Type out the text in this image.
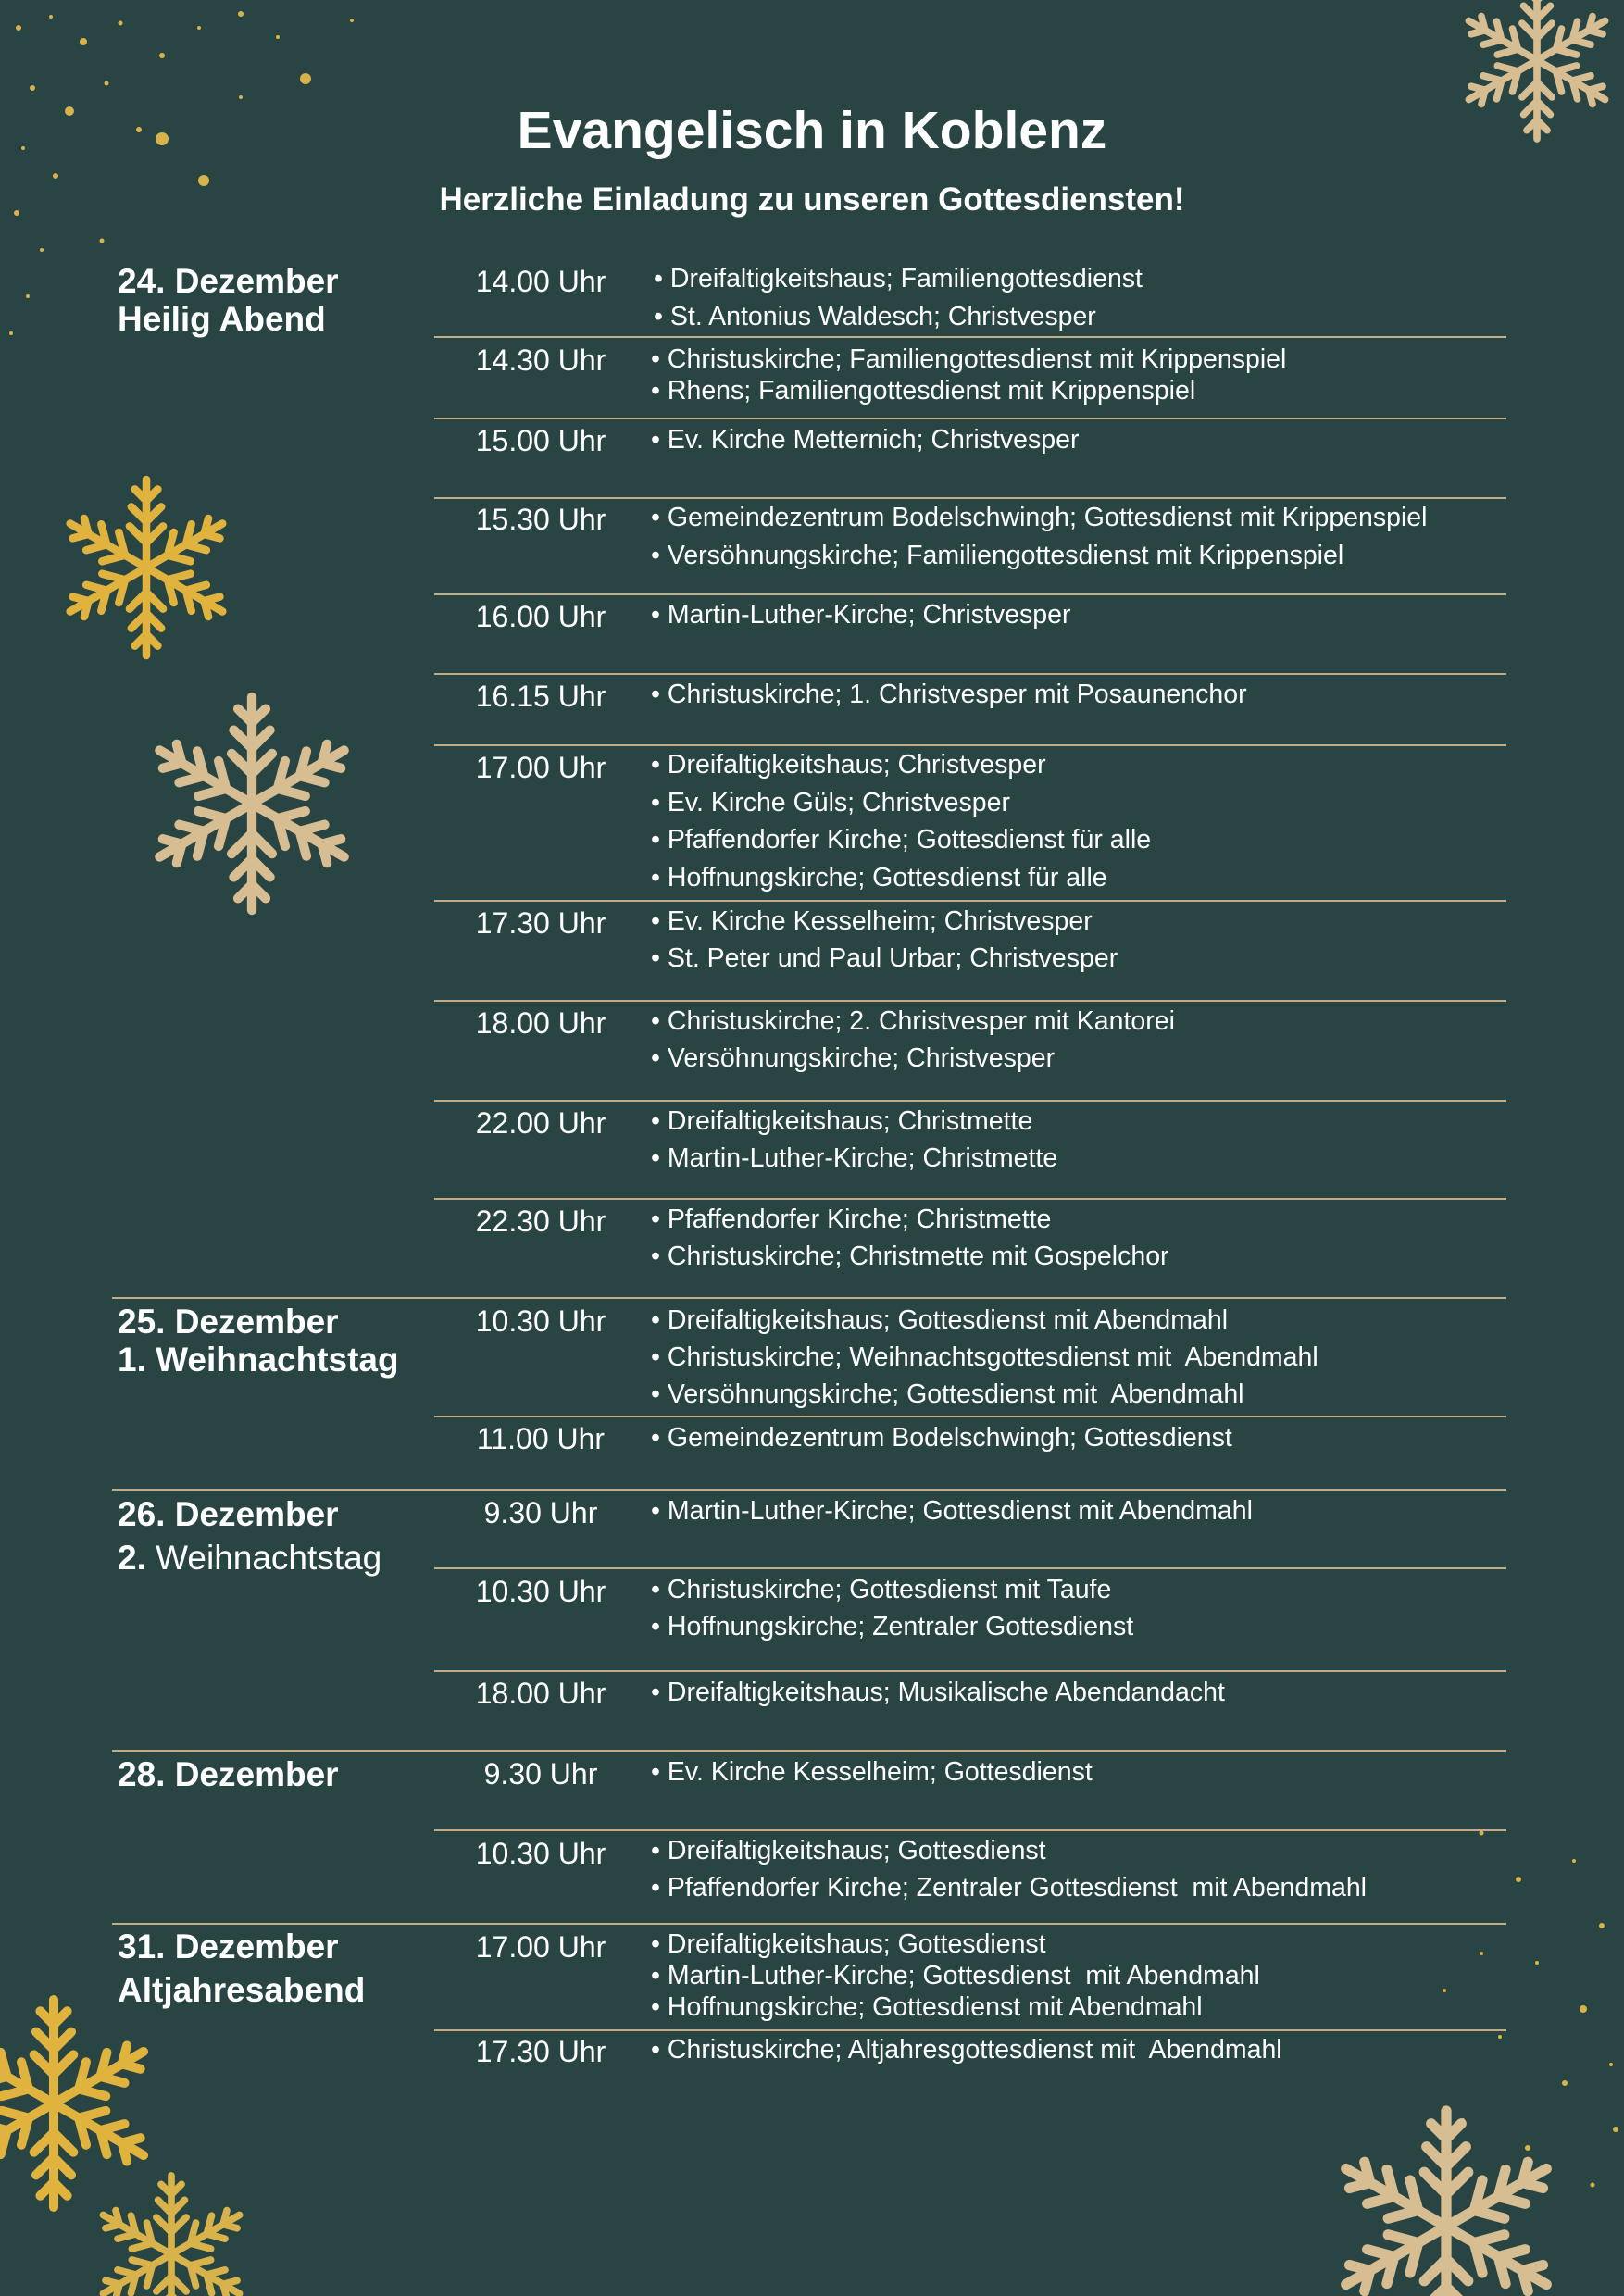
Evangelisch in Koblenz
Herzliche Einladung zu unseren Gottesdiensten!
24. Dezember
Heilig Abend
14.00 Uhr	• Dreifaltigkeitshaus; Familiengottesdienst
• St. Antonius Waldesch; Christvesper
14.30 Uhr	• Christuskirche; Familiengottesdienst mit Krippenspiel
• Rhens; Familiengottesdienst mit Krippenspiel
15.00 Uhr	• Ev. Kirche Metternich; Christvesper
15.30 Uhr	• Gemeindezentrum Bodelschwingh; Gottesdienst mit Krippenspiel
• Versöhnungskirche; Familiengottesdienst mit Krippenspiel
16.00 Uhr	• Martin-Luther-Kirche; Christvesper
16.15 Uhr	• Christuskirche; 1. Christvesper mit Posaunenchor
17.00 Uhr	• Dreifaltigkeitshaus; Christvesper
• Ev. Kirche Güls; Christvesper
• Pfaffendorfer Kirche; Gottesdienst für alle
• Hoffnungskirche; Gottesdienst für alle
17.30 Uhr	• Ev. Kirche Kesselheim; Christvesper
• St. Peter und Paul Urbar; Christvesper
18.00 Uhr	• Christuskirche; 2. Christvesper mit Kantorei
• Versöhnungskirche; Christvesper
22.00 Uhr	• Dreifaltigkeitshaus; Christmette
• Martin-Luther-Kirche; Christmette
22.30 Uhr	• Pfaffendorfer Kirche; Christmette
• Christuskirche; Christmette mit Gospelchor
25. Dezember
1. Weihnachtstag
10.30 Uhr	• Dreifaltigkeitshaus; Gottesdienst mit Abendmahl
• Christuskirche; Weihnachtsgottesdienst mit  Abendmahl
• Versöhnungskirche; Gottesdienst mit  Abendmahl
11.00 Uhr	• Gemeindezentrum Bodelschwingh; Gottesdienst
26. Dezember
2. Weihnachtstag
9.30 Uhr	• Martin-Luther-Kirche; Gottesdienst mit Abendmahl
10.30 Uhr	• Christuskirche; Gottesdienst mit Taufe
• Hoffnungskirche; Zentraler Gottesdienst
18.00 Uhr	• Dreifaltigkeitshaus; Musikalische Abendandacht
28. Dezember	9.30 Uhr	• Ev. Kirche Kesselheim; Gottesdienst
10.30 Uhr	• Dreifaltigkeitshaus; Gottesdienst
• Pfaffendorfer Kirche; Zentraler Gottesdienst  mit Abendmahl
31. Dezember
Altjahresabend
17.00 Uhr	• Dreifaltigkeitshaus; Gottesdienst
• Martin-Luther-Kirche; Gottesdienst  mit Abendmahl
• Hoffnungskirche; Gottesdienst mit Abendmahl
17.30 Uhr	• Christuskirche; Altjahresgottesdienst mit  Abendmahl
